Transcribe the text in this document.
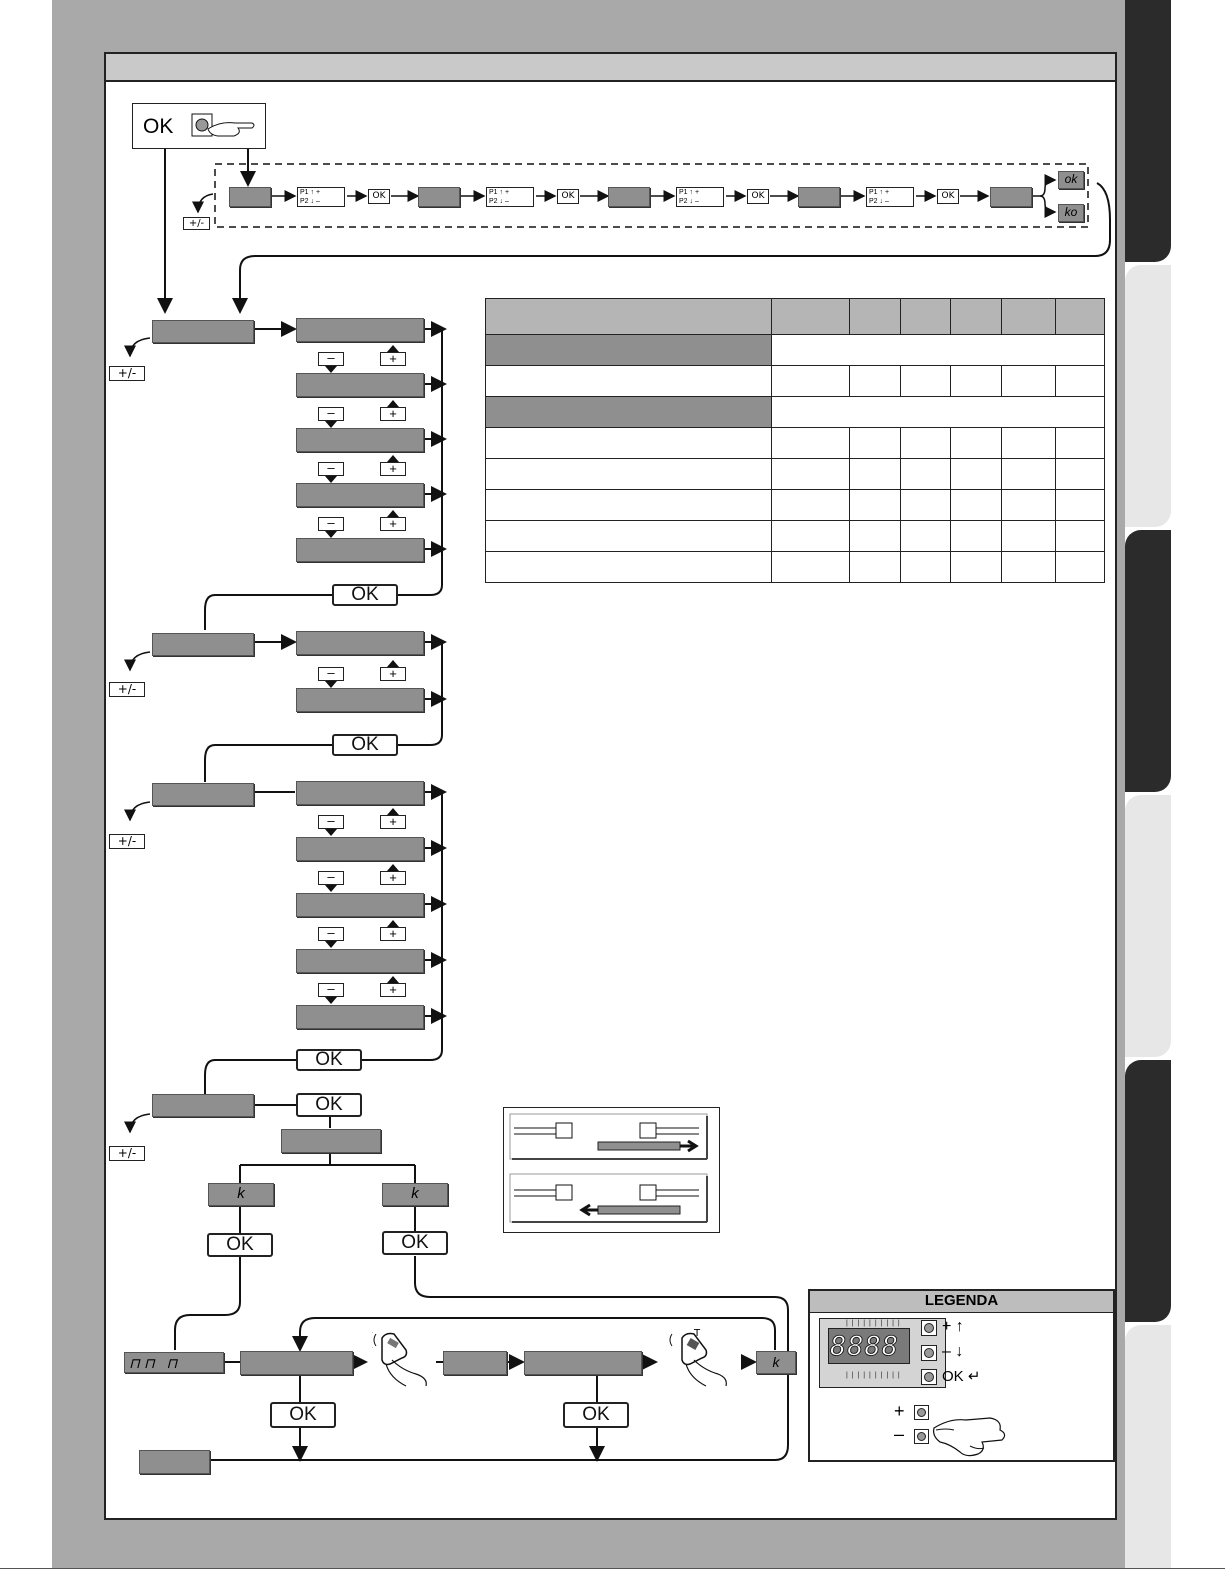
OK
+/-
P1 ↑ +
P2 ↓ –
P1 ↑ +
P2 ↓ –
P1 ↑ +
P2 ↓ –
P1 ↑ +
P2 ↓ –
OK	OK	OK	OK
ok
ko
+/-
–	+
–	+
–	+
–	+
–	+
–	+
–	+
–	+
–	+
OK
+/-
OK
+/-
OK
+/-
OK
k	k
OK	OK
⊓ ⊓   ⊓
T
k
OK	OK

LEGENDA
| | | | | | | | | |
8888
| | | | | | | | | |
+ ↑
– ↓
OK ↵
+
–
